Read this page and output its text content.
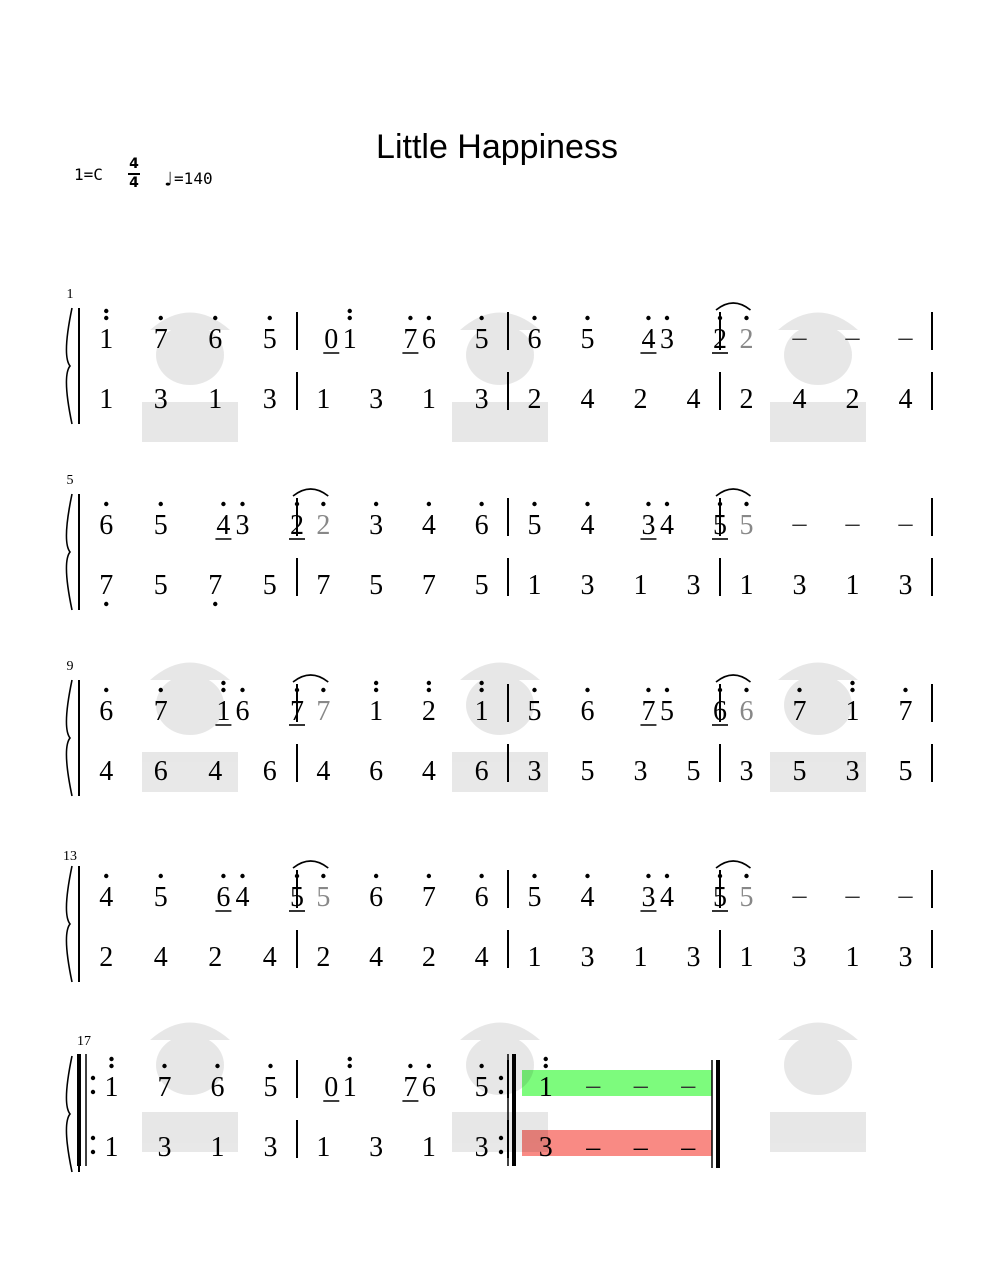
Little Happiness
1=C
4
4 ♩=140
1
1 7 6 5 0 1 7 6 5 6 5 4 3 2 2 – – –
1 3 1 3 1 3 1 3 2 4 2 4 2 4 2 4
5
6 5 4 3 2 2 3 4 6 5 4 3 4 5 5 – – –
7 5 7 5 7 5 7 5 1 3 1 3 1 3 1 3
9
6 7 1 6 7 7 1 2 1 5 6 7 5 6 6 7 1 7
4 6 4 6 4 6 4 6 3 5 3 5 3 5 3 5
13
4 5 6 4 5 5 6 7 6 5 4 3 4 5 5 – – –
2 4 2 4 2 4 2 4 1 3 1 3 1 3 1 3
17
1 7 6 5 0 1 7 6 5 1 – – –
1 3 1 3 1 3 1 3 3 – – –
